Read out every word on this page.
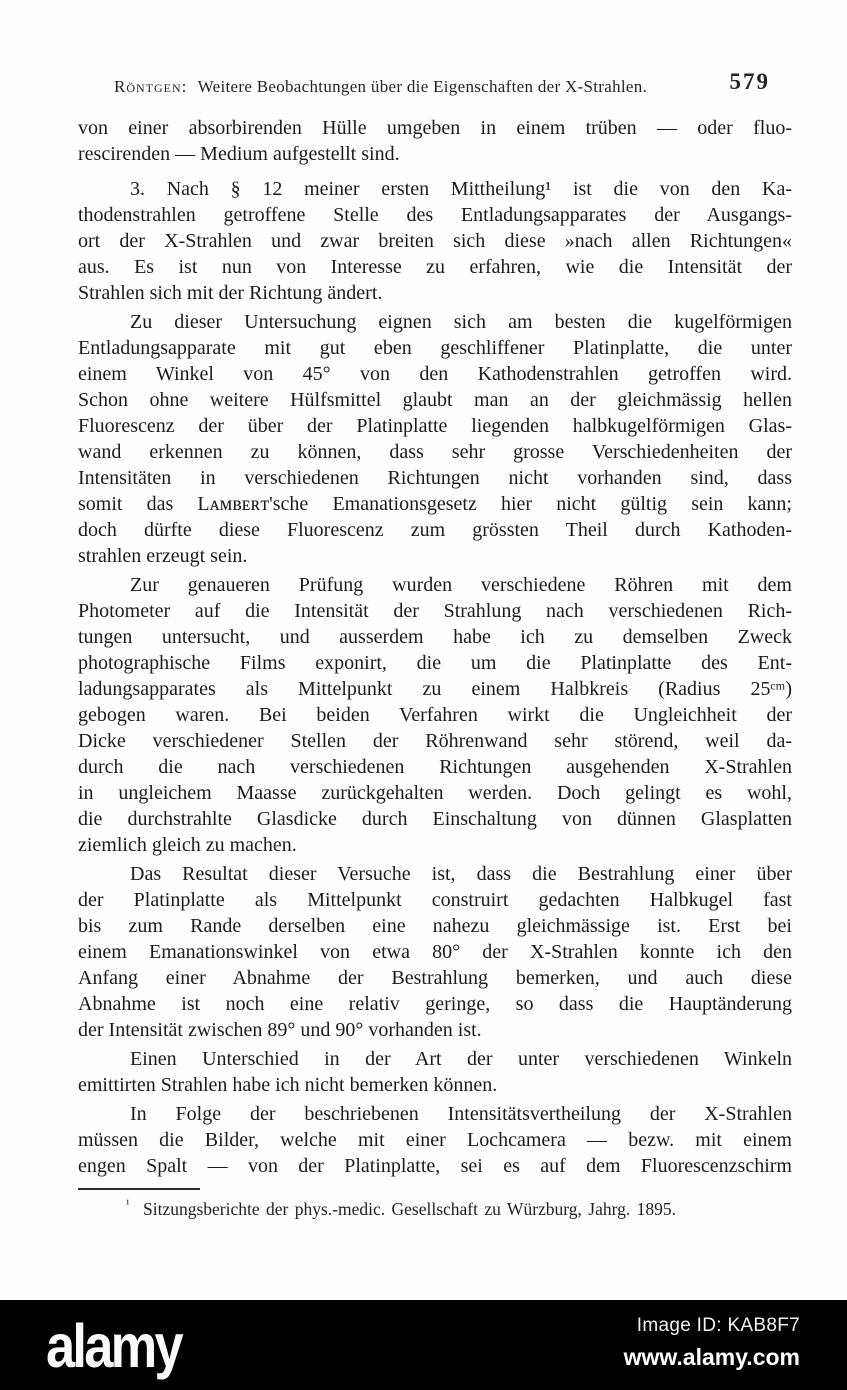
Röntgen: Weitere Beobachtungen über die Eigenschaften der X-Strahlen.	579
von einer absorbirenden Hülle umgeben in einem trüben — oder fluo-
rescirenden — Medium aufgestellt sind.
3. Nach § 12 meiner ersten Mittheilung¹ ist die von den Ka-
thodenstrahlen getroffene Stelle des Entladungsapparates der Ausgangs-
ort der X-Strahlen und zwar breiten sich diese »nach allen Richtungen«
aus. Es ist nun von Interesse zu erfahren, wie die Intensität der
Strahlen sich mit der Richtung ändert.
Zu dieser Untersuchung eignen sich am besten die kugelförmigen
Entladungsapparate mit gut eben geschliffener Platinplatte, die unter
einem Winkel von 45° von den Kathodenstrahlen getroffen wird.
Schon ohne weitere Hülfsmittel glaubt man an der gleichmässig hellen
Fluorescenz der über der Platinplatte liegenden halbkugelförmigen Glas-
wand erkennen zu können, dass sehr grosse Verschiedenheiten der
Intensitäten in verschiedenen Richtungen nicht vorhanden sind, dass
somit das Lᴀᴍʙᴇʀᴛ'sche Emanationsgesetz hier nicht gültig sein kann;
doch dürfte diese Fluorescenz zum grössten Theil durch Kathoden-
strahlen erzeugt sein.
Zur genaueren Prüfung wurden verschiedene Röhren mit dem
Photometer auf die Intensität der Strahlung nach verschiedenen Rich-
tungen untersucht, und ausserdem habe ich zu demselben Zweck
photographische Films exponirt, die um die Platinplatte des Ent-
ladungsapparates als Mittelpunkt zu einem Halbkreis (Radius 25ᶜᵐ)
gebogen waren. Bei beiden Verfahren wirkt die Ungleichheit der
Dicke verschiedener Stellen der Röhrenwand sehr störend, weil da-
durch die nach verschiedenen Richtungen ausgehenden X-Strahlen
in ungleichem Maasse zurückgehalten werden. Doch gelingt es wohl,
die durchstrahlte Glasdicke durch Einschaltung von dünnen Glasplatten
ziemlich gleich zu machen.
Das Resultat dieser Versuche ist, dass die Bestrahlung einer über
der Platinplatte als Mittelpunkt construirt gedachten Halbkugel fast
bis zum Rande derselben eine nahezu gleichmässige ist. Erst bei
einem Emanationswinkel von etwa 80° der X-Strahlen konnte ich den
Anfang einer Abnahme der Bestrahlung bemerken, und auch diese
Abnahme ist noch eine relativ geringe, so dass die Hauptänderung
der Intensität zwischen 89° und 90° vorhanden ist.
Einen Unterschied in der Art der unter verschiedenen Winkeln
emittirten Strahlen habe ich nicht bemerken können.
In Folge der beschriebenen Intensitätsvertheilung der X-Strahlen
müssen die Bilder, welche mit einer Lochcamera — bezw. mit einem
engen Spalt — von der Platinplatte, sei es auf dem Fluorescenzschirm
$^{^1}$ Sitzungsberichte der phys.-medic. Gesellschaft zu Würzburg, Jahrg. 1895.
alamy	Image ID: KAB8F7
www.alamy.com
